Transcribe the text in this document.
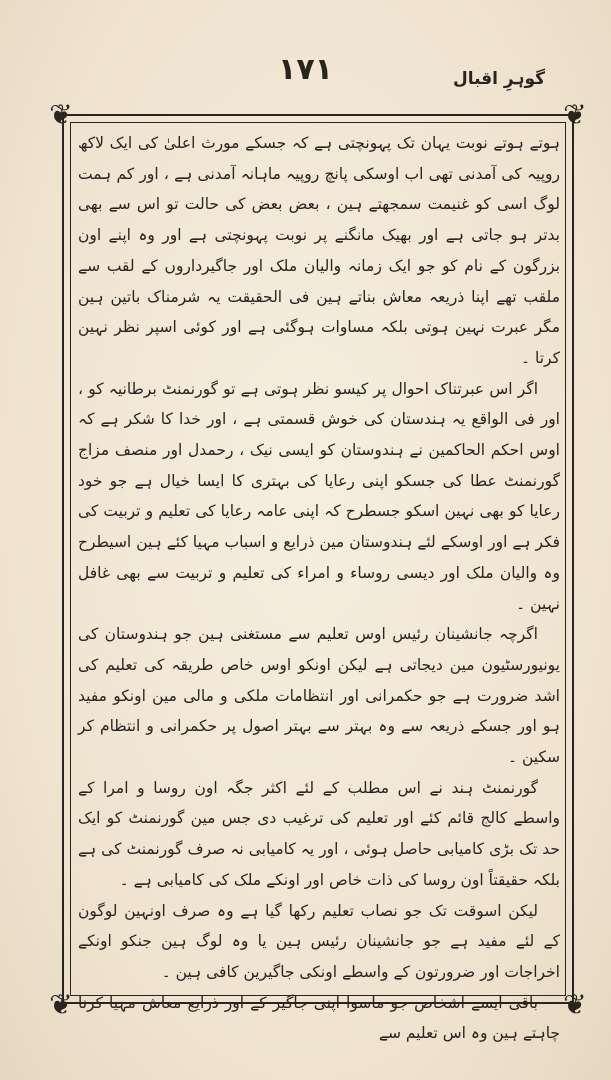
۱۷۱	گوہرِ اقبال
❦	❦
❦	❦

ہوتے ہوتے نوبت یہان تک پہونچتی ہے کہ جسکے مورث اعلیٰ کی ایک لاکھ روپیہ کی آمدنی تھی اب اوسکی پانچ روپیہ ماہانہ آمدنی ہے ، اور کم ہمت لوگ اسی کو غنیمت سمجھتے ہین ، بعض بعض کی حالت تو اس سے بھی بدتر ہو جاتی ہے اور بھیک مانگنے پر نوبت پہونچتی ہے اور وہ اپنے اون بزرگون کے نام کو جو ایک زمانہ والیان ملک اور جاگیرداروں کے لقب سے ملقب تھے اپنا ذریعہ معاش بناتے ہین فی الحقیقت یہ شرمناک باتین ہین مگر عبرت نہین ہوتی بلکہ مساوات ہوگئی ہے اور کوئی اسپر نظر نہین کرتا ۔

اگر اس عبرتناک احوال پر کیسو نظر ہوتی ہے تو گورنمنٹ برطانیہ کو ، اور فی الواقع یہ ہندستان کی خوش قسمتی ہے ، اور خدا کا شکر ہے کہ اوس احکم الحاکمین نے ہندوستان کو ایسی نیک ، رحمدل اور منصف مزاج گورنمنٹ عطا کی جسکو اپنی رعایا کی بہتری کا ایسا خیال ہے جو خود رعایا کو بھی نہین اسکو جسطرح کہ اپنی عامہ رعایا کی تعلیم و تربیت کی فکر ہے اور اوسکے لئے ہندوستان مین ذرایع و اسباب مہیا کئے ہین اسیطرح وہ والیان ملک اور دیسی روساء و امراء کی تعلیم و تربیت سے بھی غافل نہین ۔

اگرچہ جانشینان رئیس اوس تعلیم سے مستغنی ہین جو ہندوستان کی یونیورسٹیون مین دیجاتی ہے لیکن اونکو اوس خاص طریقہ کی تعلیم کی اشد ضرورت ہے جو حکمرانی اور انتظامات ملکی و مالی مین اونکو مفید ہو اور جسکے ذریعہ سے وہ بہتر سے بہتر اصول پر حکمرانی و انتظام کر سکین ۔

گورنمنٹ ہند نے اس مطلب کے لئے اکثر جگہ اون روسا و امرا کے واسطے کالج قائم کئے اور تعلیم کی ترغیب دی جس مین گورنمنٹ کو ایک حد تک بڑی کامیابی حاصل ہوئی ، اور یہ کامیابی نہ صرف گورنمنٹ کی ہے بلکہ حقیقتاً اون روسا کی ذات خاص اور اونکے ملک کی کامیابی ہے ۔

لیکن اسوقت تک جو نصاب تعلیم رکھا گیا ہے وہ صرف اونہین لوگون کے لئے مفید ہے جو جانشینان رئیس ہین یا وہ لوگ ہین جنکو اونکے اخراجات اور ضرورتون کے واسطے اونکی جاگیرین کافی ہین ۔

باقی ایسے اشخاص جو ماسوا اپنی جاگیر کے اور ذرایع معاش مہیا کرنا چاہتے ہین وہ اس تعلیم سے
